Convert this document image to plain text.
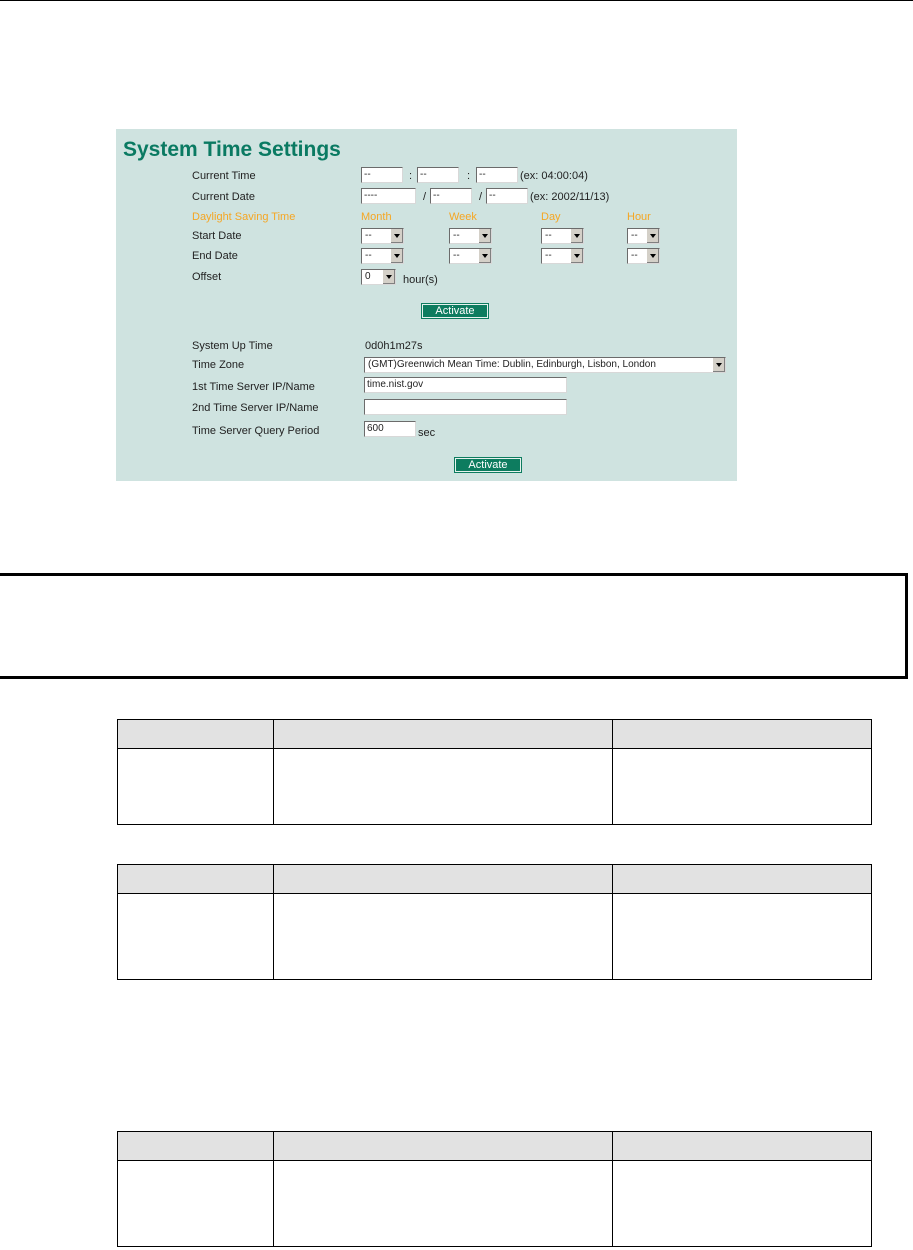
System Time Settings
Current Time	--	: --	: --	(ex: 04:00:04)
Current Date	----	/ --	/ --	(ex: 2002/11/13)
Daylight Saving Time	Month	Week	Day	Hour
Start Date	--	--	--	--
End Date	--	--	--	--
Offset	0	hour(s)
Activate
System Up Time	0d0h1m27s
Time Zone	(GMT)Greenwich Mean Time: Dublin, Edinburgh, Lisbon, London
1st Time Server IP/Name	time.nist.gov
2nd Time Server IP/Name
Time Server Query Period	600	sec
Activate
